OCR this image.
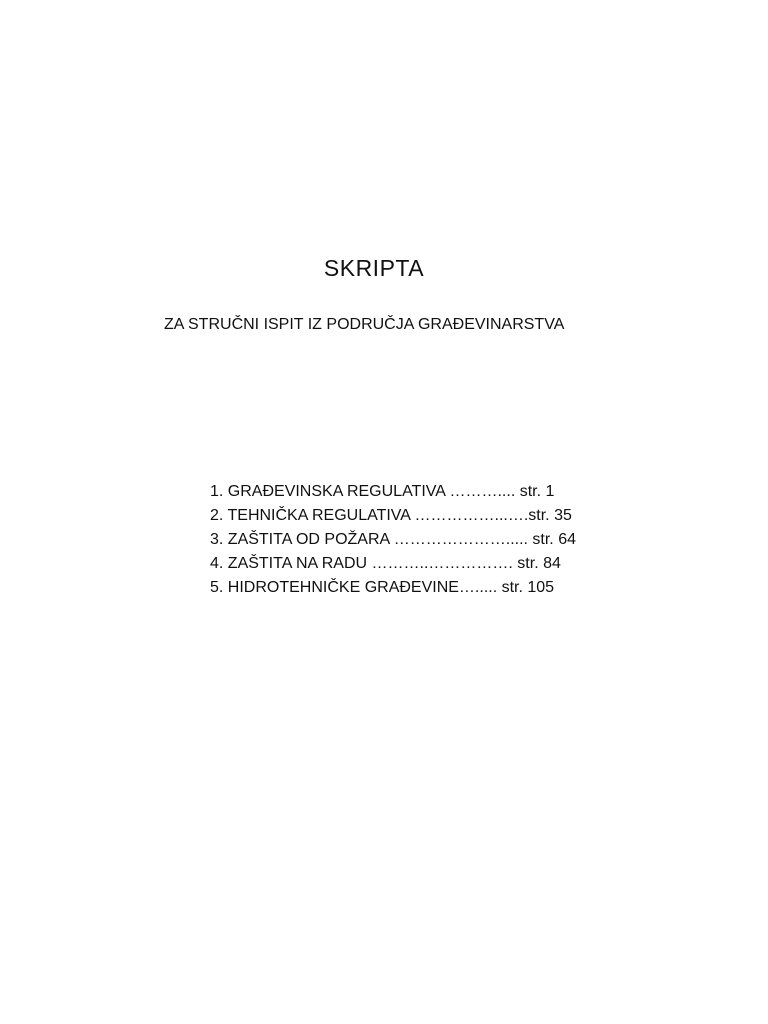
SKRIPTA
ZA STRUČNI ISPIT IZ PODRUČJA GRAĐEVINARSTVA
1. GRAĐEVINSKA REGULATIVA ……….... str. 1
2. TEHNIČKA REGULATIVA ……………...….str. 35
3. ZAŠTITA OD POŽARA …………………..... str. 64
4. ZAŠTITA NA RADU ………..……………. str. 84
5. HIDROTEHNIČKE GRAĐEVINE…..... str. 105
